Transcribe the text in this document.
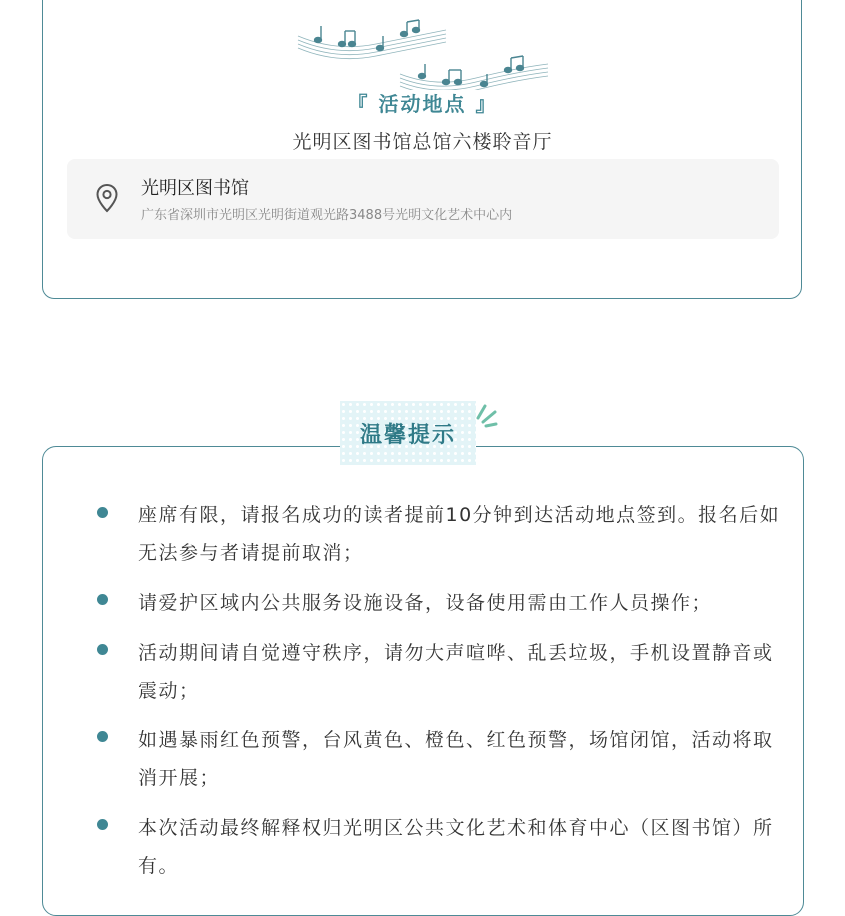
『 活动地点 』
光明区图书馆总馆六楼聆音厅
光明区图书馆
广东省深圳市光明区光明街道观光路3488号光明文化艺术中心内
温馨提示
座席有限，请报名成功的读者提前10分钟到达活动地点签到。报名后如无法参与者请提前取消；
请爱护区域内公共服务设施设备，设备使用需由工作人员操作；
活动期间请自觉遵守秩序，请勿大声喧哗、乱丢垃圾，手机设置静音或震动；
如遇暴雨红色预警，台风黄色、橙色、红色预警，场馆闭馆，活动将取消开展；
本次活动最终解释权归光明区公共文化艺术和体育中心（区图书馆）所有。
